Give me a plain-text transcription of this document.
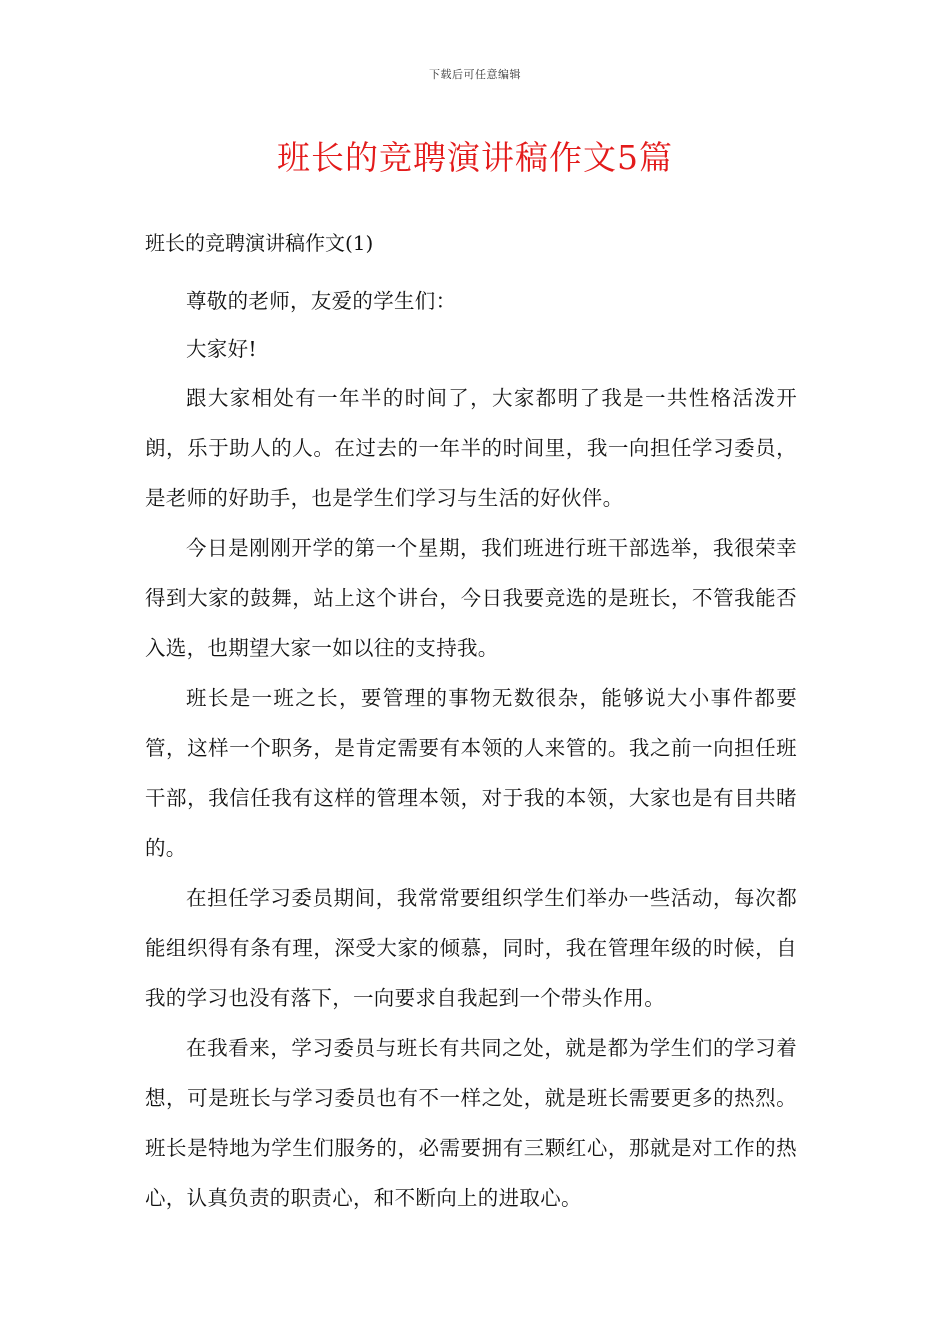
下载后可任意编辑
班长的竞聘演讲稿作文5篇

班长的竞聘演讲稿作文(1)

尊敬的老师，友爱的学生们：

大家好!

跟大家相处有一年半的时间了，大家都明了我是一共性格活泼开朗，乐于助人的人。在过去的一年半的时间里，我一向担任学习委员，是老师的好助手，也是学生们学习与生活的好伙伴。

今日是刚刚开学的第一个星期，我们班进行班干部选举，我很荣幸得到大家的鼓舞，站上这个讲台，今日我要竞选的是班长，不管我能否入选，也期望大家一如以往的支持我。

班长是一班之长，要管理的事物无数很杂，能够说大小事件都要管，这样一个职务，是肯定需要有本领的人来管的。我之前一向担任班干部，我信任我有这样的管理本领，对于我的本领，大家也是有目共睹的。

在担任学习委员期间，我常常要组织学生们举办一些活动，每次都能组织得有条有理，深受大家的倾慕，同时，我在管理年级的时候，自我的学习也没有落下，一向要求自我起到一个带头作用。

在我看来，学习委员与班长有共同之处，就是都为学生们的学习着想，可是班长与学习委员也有不一样之处，就是班长需要更多的热烈。班长是特地为学生们服务的，必需要拥有三颗红心，那就是对工作的热心，认真负责的职责心，和不断向上的进取心。
